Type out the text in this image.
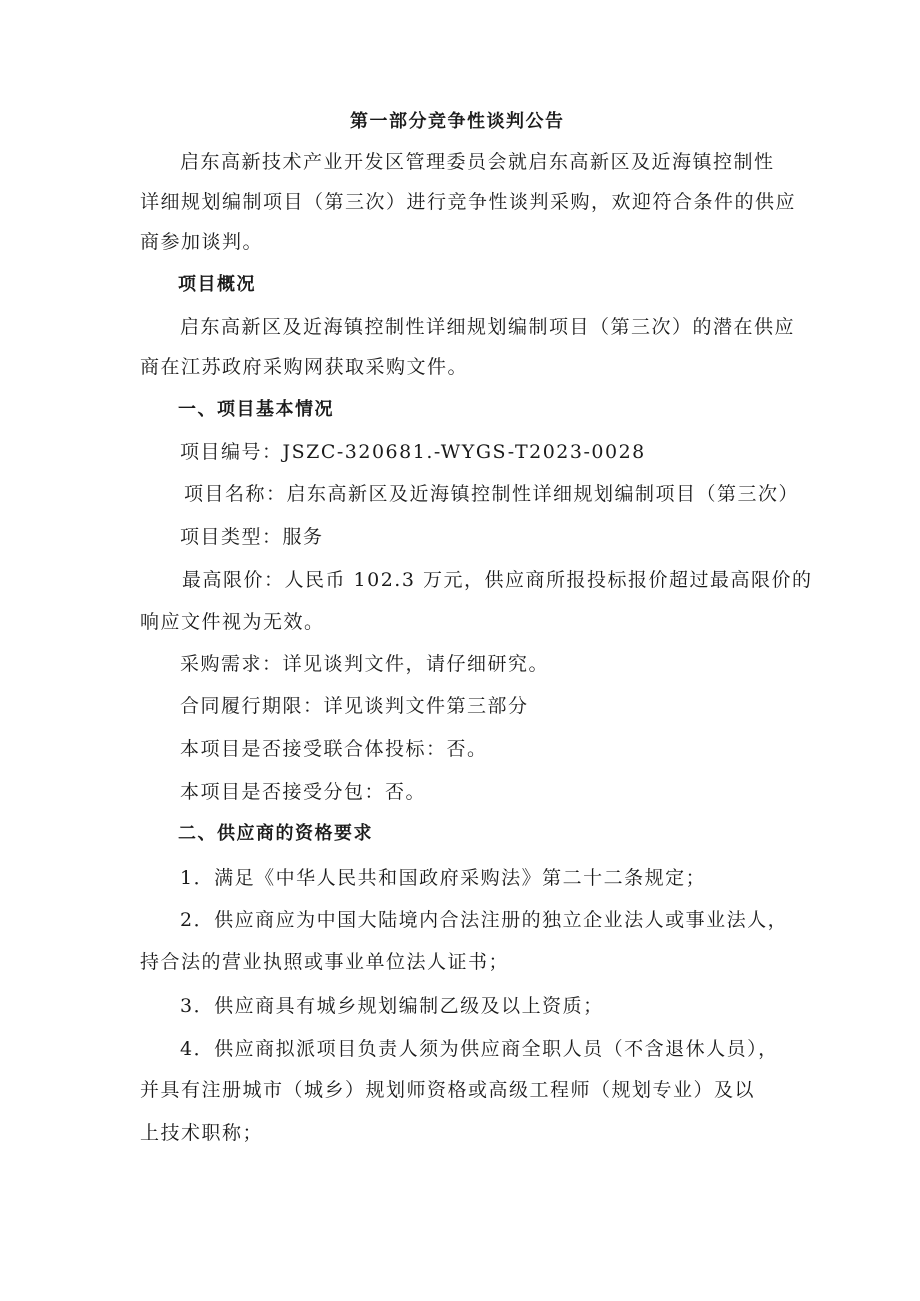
第一部分竞争性谈判公告
启东高新技术产业开发区管理委员会就启东高新区及近海镇控制性
详细规划编制项目（第三次）进行竞争性谈判采购，欢迎符合条件的供应
商参加谈判。
项目概况
启东高新区及近海镇控制性详细规划编制项目（第三次）的潜在供应
商在江苏政府采购网获取采购文件。
一、项目基本情况
项目编号：JSZC-320681.-WYGS-T2023-0028
项目名称：启东高新区及近海镇控制性详细规划编制项目（第三次）
项目类型：服务
最高限价：人民币 102.3 万元，供应商所报投标报价超过最高限价的
响应文件视为无效。
采购需求：详见谈判文件，请仔细研究。
合同履行期限：详见谈判文件第三部分
本项目是否接受联合体投标：否。
本项目是否接受分包：否。
二、供应商的资格要求
1．满足《中华人民共和国政府采购法》第二十二条规定；
2．供应商应为中国大陆境内合法注册的独立企业法人或事业法人，
持合法的营业执照或事业单位法人证书；
3．供应商具有城乡规划编制乙级及以上资质；
4．供应商拟派项目负责人须为供应商全职人员（不含退休人员），
并具有注册城市（城乡）规划师资格或高级工程师（规划专业）及以
上技术职称；
